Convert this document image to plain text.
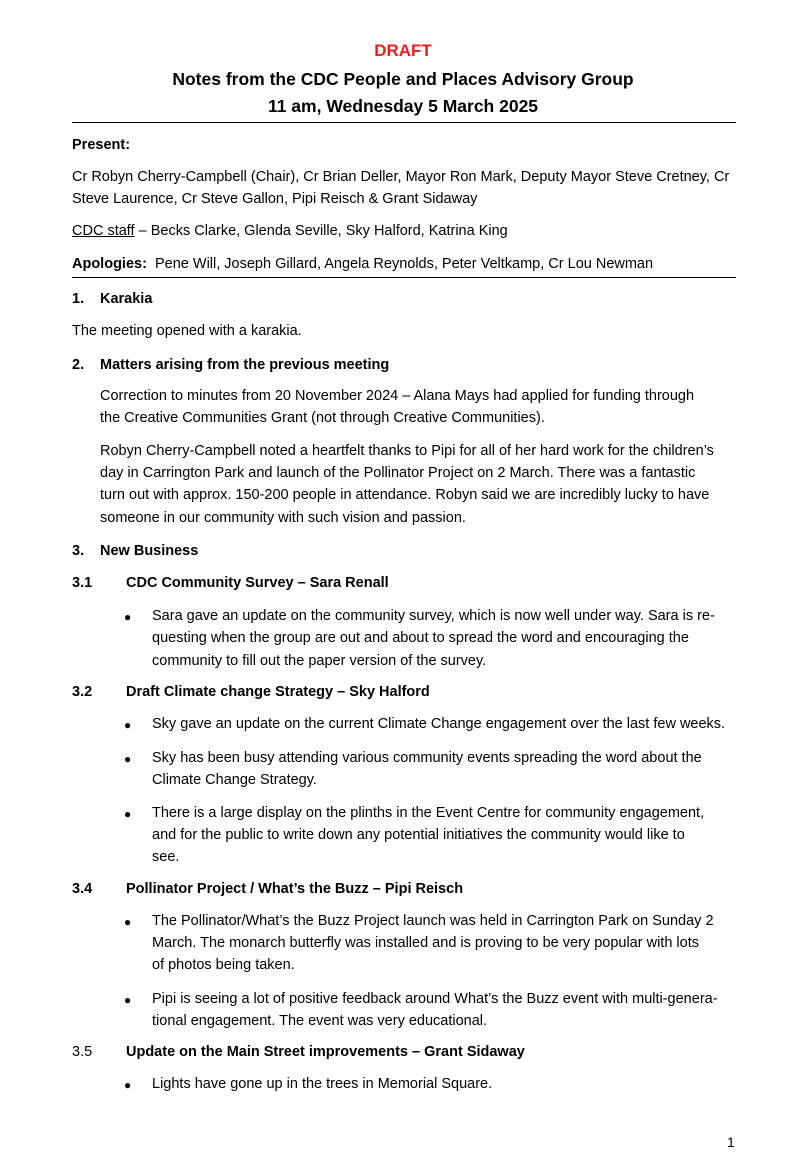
DRAFT
Notes from the CDC People and Places Advisory Group
11 am, Wednesday 5 March 2025
Present:
Cr Robyn Cherry-Campbell (Chair), Cr Brian Deller, Mayor Ron Mark, Deputy Mayor Steve Cretney, Cr
Steve Laurence, Cr Steve Gallon, Pipi Reisch & Grant Sidaway
CDC staff – Becks Clarke, Glenda Seville, Sky Halford, Katrina King
Apologies: Pene Will, Joseph Gillard, Angela Reynolds, Peter Veltkamp, Cr Lou Newman
1. Karakia
The meeting opened with a karakia.
2. Matters arising from the previous meeting
Correction to minutes from 20 November 2024 – Alana Mays had applied for funding through
the Creative Communities Grant (not through Creative Communities).
Robyn Cherry-Campbell noted a heartfelt thanks to Pipi for all of her hard work for the children’s
day in Carrington Park and launch of the Pollinator Project on 2 March. There was a fantastic
turn out with approx. 150-200 people in attendance. Robyn said we are incredibly lucky to have
someone in our community with such vision and passion.
3. New Business
3.1 CDC Community Survey – Sara Renall
● Sara gave an update on the community survey, which is now well under way. Sara is re-
questing when the group are out and about to spread the word and encouraging the
community to fill out the paper version of the survey.
3.2 Draft Climate change Strategy – Sky Halford
● Sky gave an update on the current Climate Change engagement over the last few weeks.
● Sky has been busy attending various community events spreading the word about the
Climate Change Strategy.
● There is a large display on the plinths in the Event Centre for community engagement,
and for the public to write down any potential initiatives the community would like to
see.
3.4 Pollinator Project / What’s the Buzz – Pipi Reisch
● The Pollinator/What’s the Buzz Project launch was held in Carrington Park on Sunday 2
March. The monarch butterfly was installed and is proving to be very popular with lots
of photos being taken.
● Pipi is seeing a lot of positive feedback around What’s the Buzz event with multi-genera-
tional engagement. The event was very educational.
3.5 Update on the Main Street improvements – Grant Sidaway
● Lights have gone up in the trees in Memorial Square.
1
